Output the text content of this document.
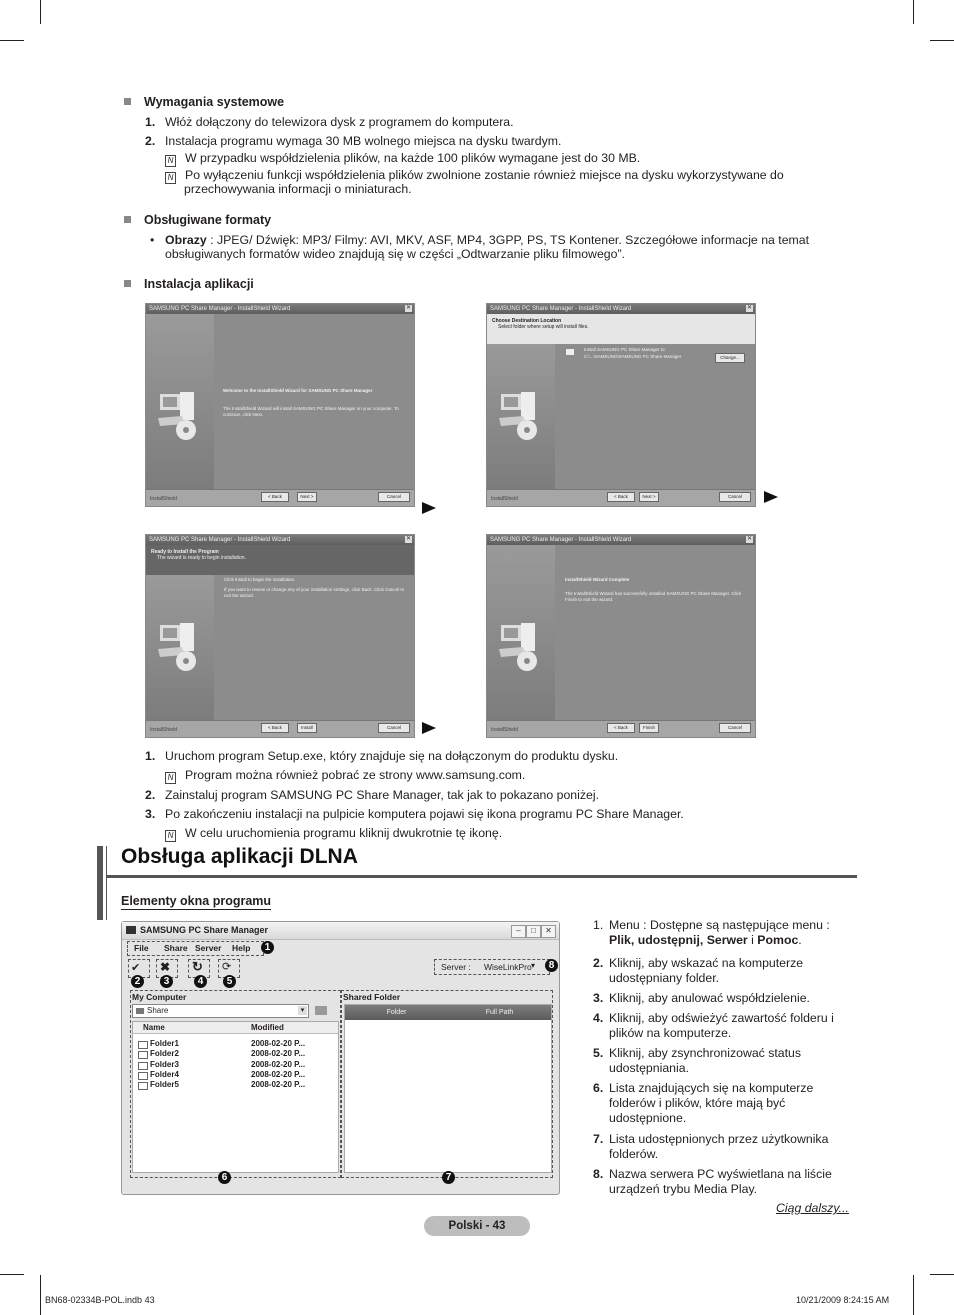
Wymagania systemowe
1. Włóż dołączony do telewizora dysk z programem do komputera.
2. Instalacja programu wymaga 30 MB wolnego miejsca na dysku twardym.
N W przypadku współdzielenia plików, na każde 100 plików wymagane jest do 30 MB.
N Po wyłączeniu funkcji współdzielenia plików zwolnione zostanie również miejsce na dysku wykorzystywane do
przechowywania informacji o miniaturach.
Obsługiwane formaty
• Obrazy : JPEG/ Dźwięk: MP3/ Filmy: AVI, MKV, ASF, MP4, 3GPP, PS, TS Kontener. Szczegółowe informacje na temat
obsługiwanych formatów wideo znajdują się w części „Odtwarzanie pliku filmowego”.
Instalacja aplikacji
SAMSUNG PC Share Manager - InstallShield Wizard	✕
Welcome to the InstallShield Wizard for SAMSUNG PC Share Manager
The InstallShield Wizard will install SAMSUNG PC Share Manager on your computer. To continue, click Next.
InstallShield	< Back	Next >	Cancel
SAMSUNG PC Share Manager - InstallShield Wizard	✕
Choose Destination Location
Select folder where setup will install files.
Install SAMSUNG PC Share Manager to:
C:\...\SAMSUNG\SAMSUNG PC Share Manager	Change...
InstallShield	< Back	Next >	Cancel
SAMSUNG PC Share Manager - InstallShield Wizard	✕
Ready to Install the Program
The wizard is ready to begin installation.
Click Install to begin the installation.
If you want to review or change any of your installation settings, click Back. Click Cancel to exit the wizard.
InstallShield	< Back	Install	Cancel
SAMSUNG PC Share Manager - InstallShield Wizard	✕
InstallShield Wizard Complete
The InstallShield Wizard has successfully installed SAMSUNG PC Share Manager. Click Finish to exit the wizard.
InstallShield	< Back	Finish	Cancel
1. Uruchom program Setup.exe, który znajduje się na dołączonym do produktu dysku.
N Program można również pobrać ze strony www.samsung.com.
2. Zainstaluj program SAMSUNG PC Share Manager, tak jak to pokazano poniżej.
3. Po zakończeniu instalacji na pulpicie komputera pojawi się ikona programu PC Share Manager.
N W celu uruchomienia programu kliknij dwukrotnie tę ikonę.
Obsługa aplikacji DLNA
Elementy okna programu
SAMSUNG PC Share Manager	–	□	✕
File Share Server Help	1
✔ ✖ ↻ ⟳
2	3	4	5
Server : WiseLinkPro ▾	8
My Computer
Share	▾
Name	Modified
Folder1	2008-02-20 P...
Folder2	2008-02-20 P...
Folder3	2008-02-20 P...
Folder4	2008-02-20 P...
Folder5	2008-02-20 P...
6
Shared Folder
Folder	Full Path
7
1. Menu : Dostępne są następujące menu :
Plik, udostępnij, Serwer i Pomoc.
2. Kliknij, aby wskazać na komputerze
udostępniany folder.
3. Kliknij, aby anulować współdzielenie.
4. Kliknij, aby odświeżyć zawartość folderu i
plików na komputerze.
5. Kliknij, aby zsynchronizować status
udostępniania.
6. Lista znajdujących się na komputerze
folderów i plików, które mają być
udostępnione.
7. Lista udostępnionych przez użytkownika
folderów.
8. Nazwa serwera PC wyświetlana na liście
urządzeń trybu Media Play.
Ciąg dalszy...
Polski - 43
BN68-02334B-POL.indb 43	10/21/2009 8:24:15 AM
